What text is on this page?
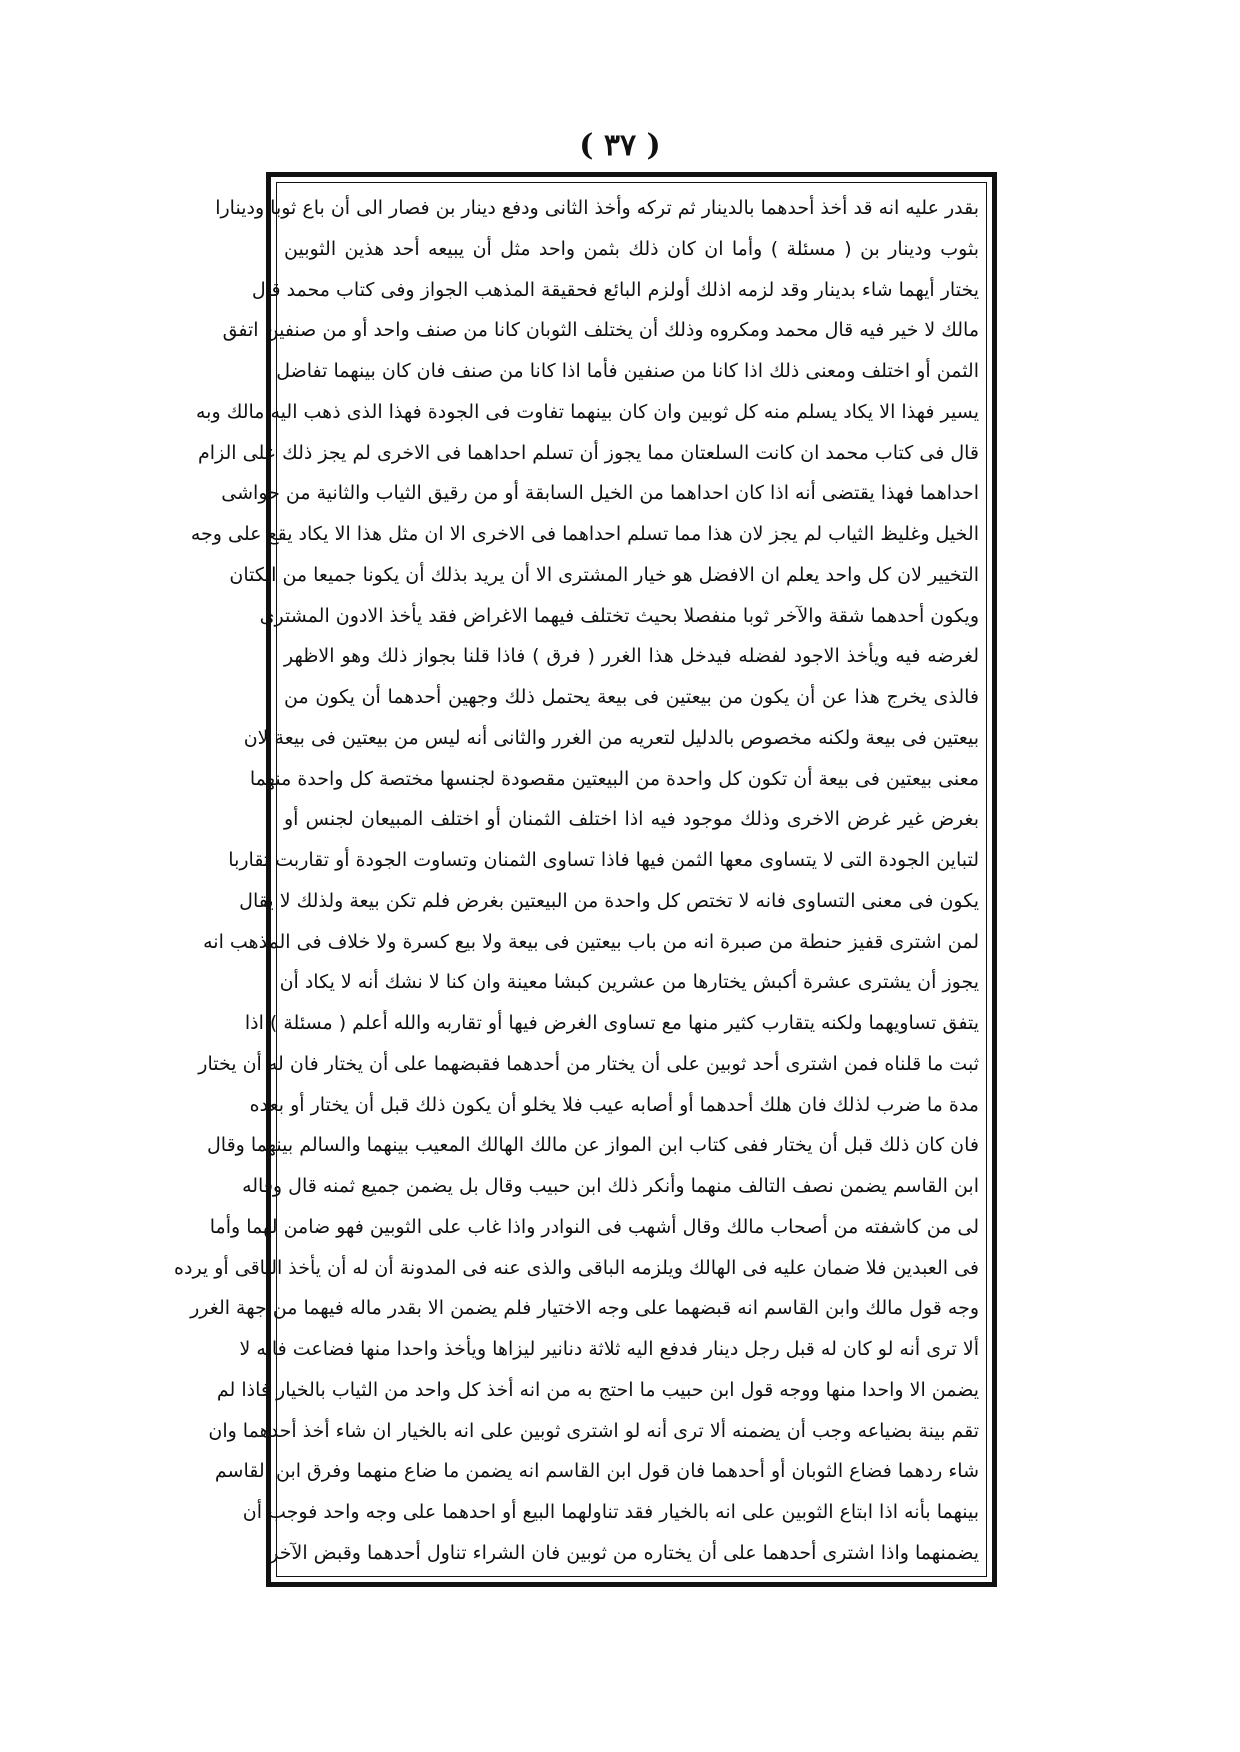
( ٣٧ )
بقدر عليه انه قد أخذ أحدهما بالدينار ثم تركه وأخذ الثانى ودفع دينار بن فصار الى أن باع ثوبا ودينارا
بثوب ودينار بن ( مسئلة ) وأما ان كان ذلك بثمن واحد مثل أن يبيعه أحد هذين الثوبين
يختار أيهما شاء بدينار وقد لزمه اذلك أولزم البائع فحقيقة المذهب الجواز وفى كتاب محمد قال
مالك لا خير فيه قال محمد ومكروه وذلك أن يختلف الثوبان كانا من صنف واحد أو من صنفين اتفق
الثمن أو اختلف ومعنى ذلك اذا كانا من صنفين فأما اذا كانا من صنف فان كان بينهما تفاضل
يسير فهذا الا يكاد يسلم منه كل ثوبين وان كان بينهما تفاوت فى الجودة فهذا الذى ذهب اليه مالك وبه
قال فى كتاب محمد ان كانت السلعتان مما يجوز أن تسلم احداهما فى الاخرى لم يجز ذلك على الزام
احداهما فهذا يقتضى أنه اذا كان احداهما من الخيل السابقة أو من رقيق الثياب والثانية من حواشى
الخيل وغليظ الثياب لم يجز لان هذا مما تسلم احداهما فى الاخرى الا ان مثل هذا الا يكاد يقع على وجه
التخيير لان كل واحد يعلم ان الافضل هو خيار المشترى الا أن يريد بذلك أن يكونا جميعا من الكتان
ويكون أحدهما شقة والآخر ثوبا منفصلا بحيث تختلف فيهما الاغراض فقد يأخذ الادون المشترى
لغرضه فيه ويأخذ الاجود لفضله فيدخل هذا الغرر ( فرق ) فاذا قلنا بجواز ذلك وهو الاظهر
فالذى يخرج هذا عن أن يكون من بيعتين فى بيعة يحتمل ذلك وجهين أحدهما أن يكون من
بيعتين فى بيعة ولكنه مخصوص بالدليل لتعريه من الغرر والثانى أنه ليس من بيعتين فى بيعة لان
معنى بيعتين فى بيعة أن تكون كل واحدة من البيعتين مقصودة لجنسها مختصة كل واحدة منهما
بغرض غير غرض الاخرى وذلك موجود فيه اذا اختلف الثمنان أو اختلف المبيعان لجنس أو
لتباين الجودة التى لا يتساوى معها الثمن فيها فاذا تساوى الثمنان وتساوت الجودة أو تقاربت تقاربا
يكون فى معنى التساوى فانه لا تختص كل واحدة من البيعتين بغرض فلم تكن بيعة ولذلك لا يقال
لمن اشترى قفيز حنطة من صبرة انه من باب بيعتين فى بيعة ولا بيع كسرة ولا خلاف فى المذهب انه
يجوز أن يشترى عشرة أكبش يختارها من عشرين كبشا معينة وان كنا لا نشك أنه لا يكاد أن
يتفق تساويهما ولكنه يتقارب كثير منها مع تساوى الغرض فيها أو تقاربه والله أعلم ( مسئلة ) اذا
ثبت ما قلناه فمن اشترى أحد ثوبين على أن يختار من أحدهما فقبضهما على أن يختار فان له أن يختار
مدة ما ضرب لذلك فان هلك أحدهما أو أصابه عيب فلا يخلو أن يكون ذلك قبل أن يختار أو بعده
فان كان ذلك قبل أن يختار ففى كتاب ابن المواز عن مالك الهالك المعيب بينهما والسالم بينهما وقال
ابن القاسم يضمن نصف التالف منهما وأنكر ذلك ابن حبيب وقال بل يضمن جميع ثمنه قال وقاله
لى من كاشفته من أصحاب مالك وقال أشهب فى النوادر واذا غاب على الثوبين فهو ضامن لهما وأما
فى العبدين فلا ضمان عليه فى الهالك ويلزمه الباقى والذى عنه فى المدونة أن له أن يأخذ الباقى أو يرده
وجه قول مالك وابن القاسم انه قبضهما على وجه الاختيار فلم يضمن الا بقدر ماله فيهما من جهة الغرر
ألا ترى أنه لو كان له قبل رجل دينار فدفع اليه ثلاثة دنانير ليزاها ويأخذ واحدا منها فضاعت فانه لا
يضمن الا واحدا منها ووجه قول ابن حبيب ما احتج به من انه أخذ كل واحد من الثياب بالخيار فاذا لم
تقم بينة بضياعه وجب أن يضمنه ألا ترى أنه لو اشترى ثوبين على انه بالخيار ان شاء أخذ أحدهما وان
شاء ردهما فضاع الثوبان أو أحدهما فان قول ابن القاسم انه يضمن ما ضاع منهما وفرق ابن القاسم
بينهما بأنه اذا ابتاع الثوبين على انه بالخيار فقد تناولهما البيع أو احدهما على وجه واحد فوجب أن
يضمنهما واذا اشترى أحدهما على أن يختاره من ثوبين فان الشراء تناول أحدهما وقبض الآخر
